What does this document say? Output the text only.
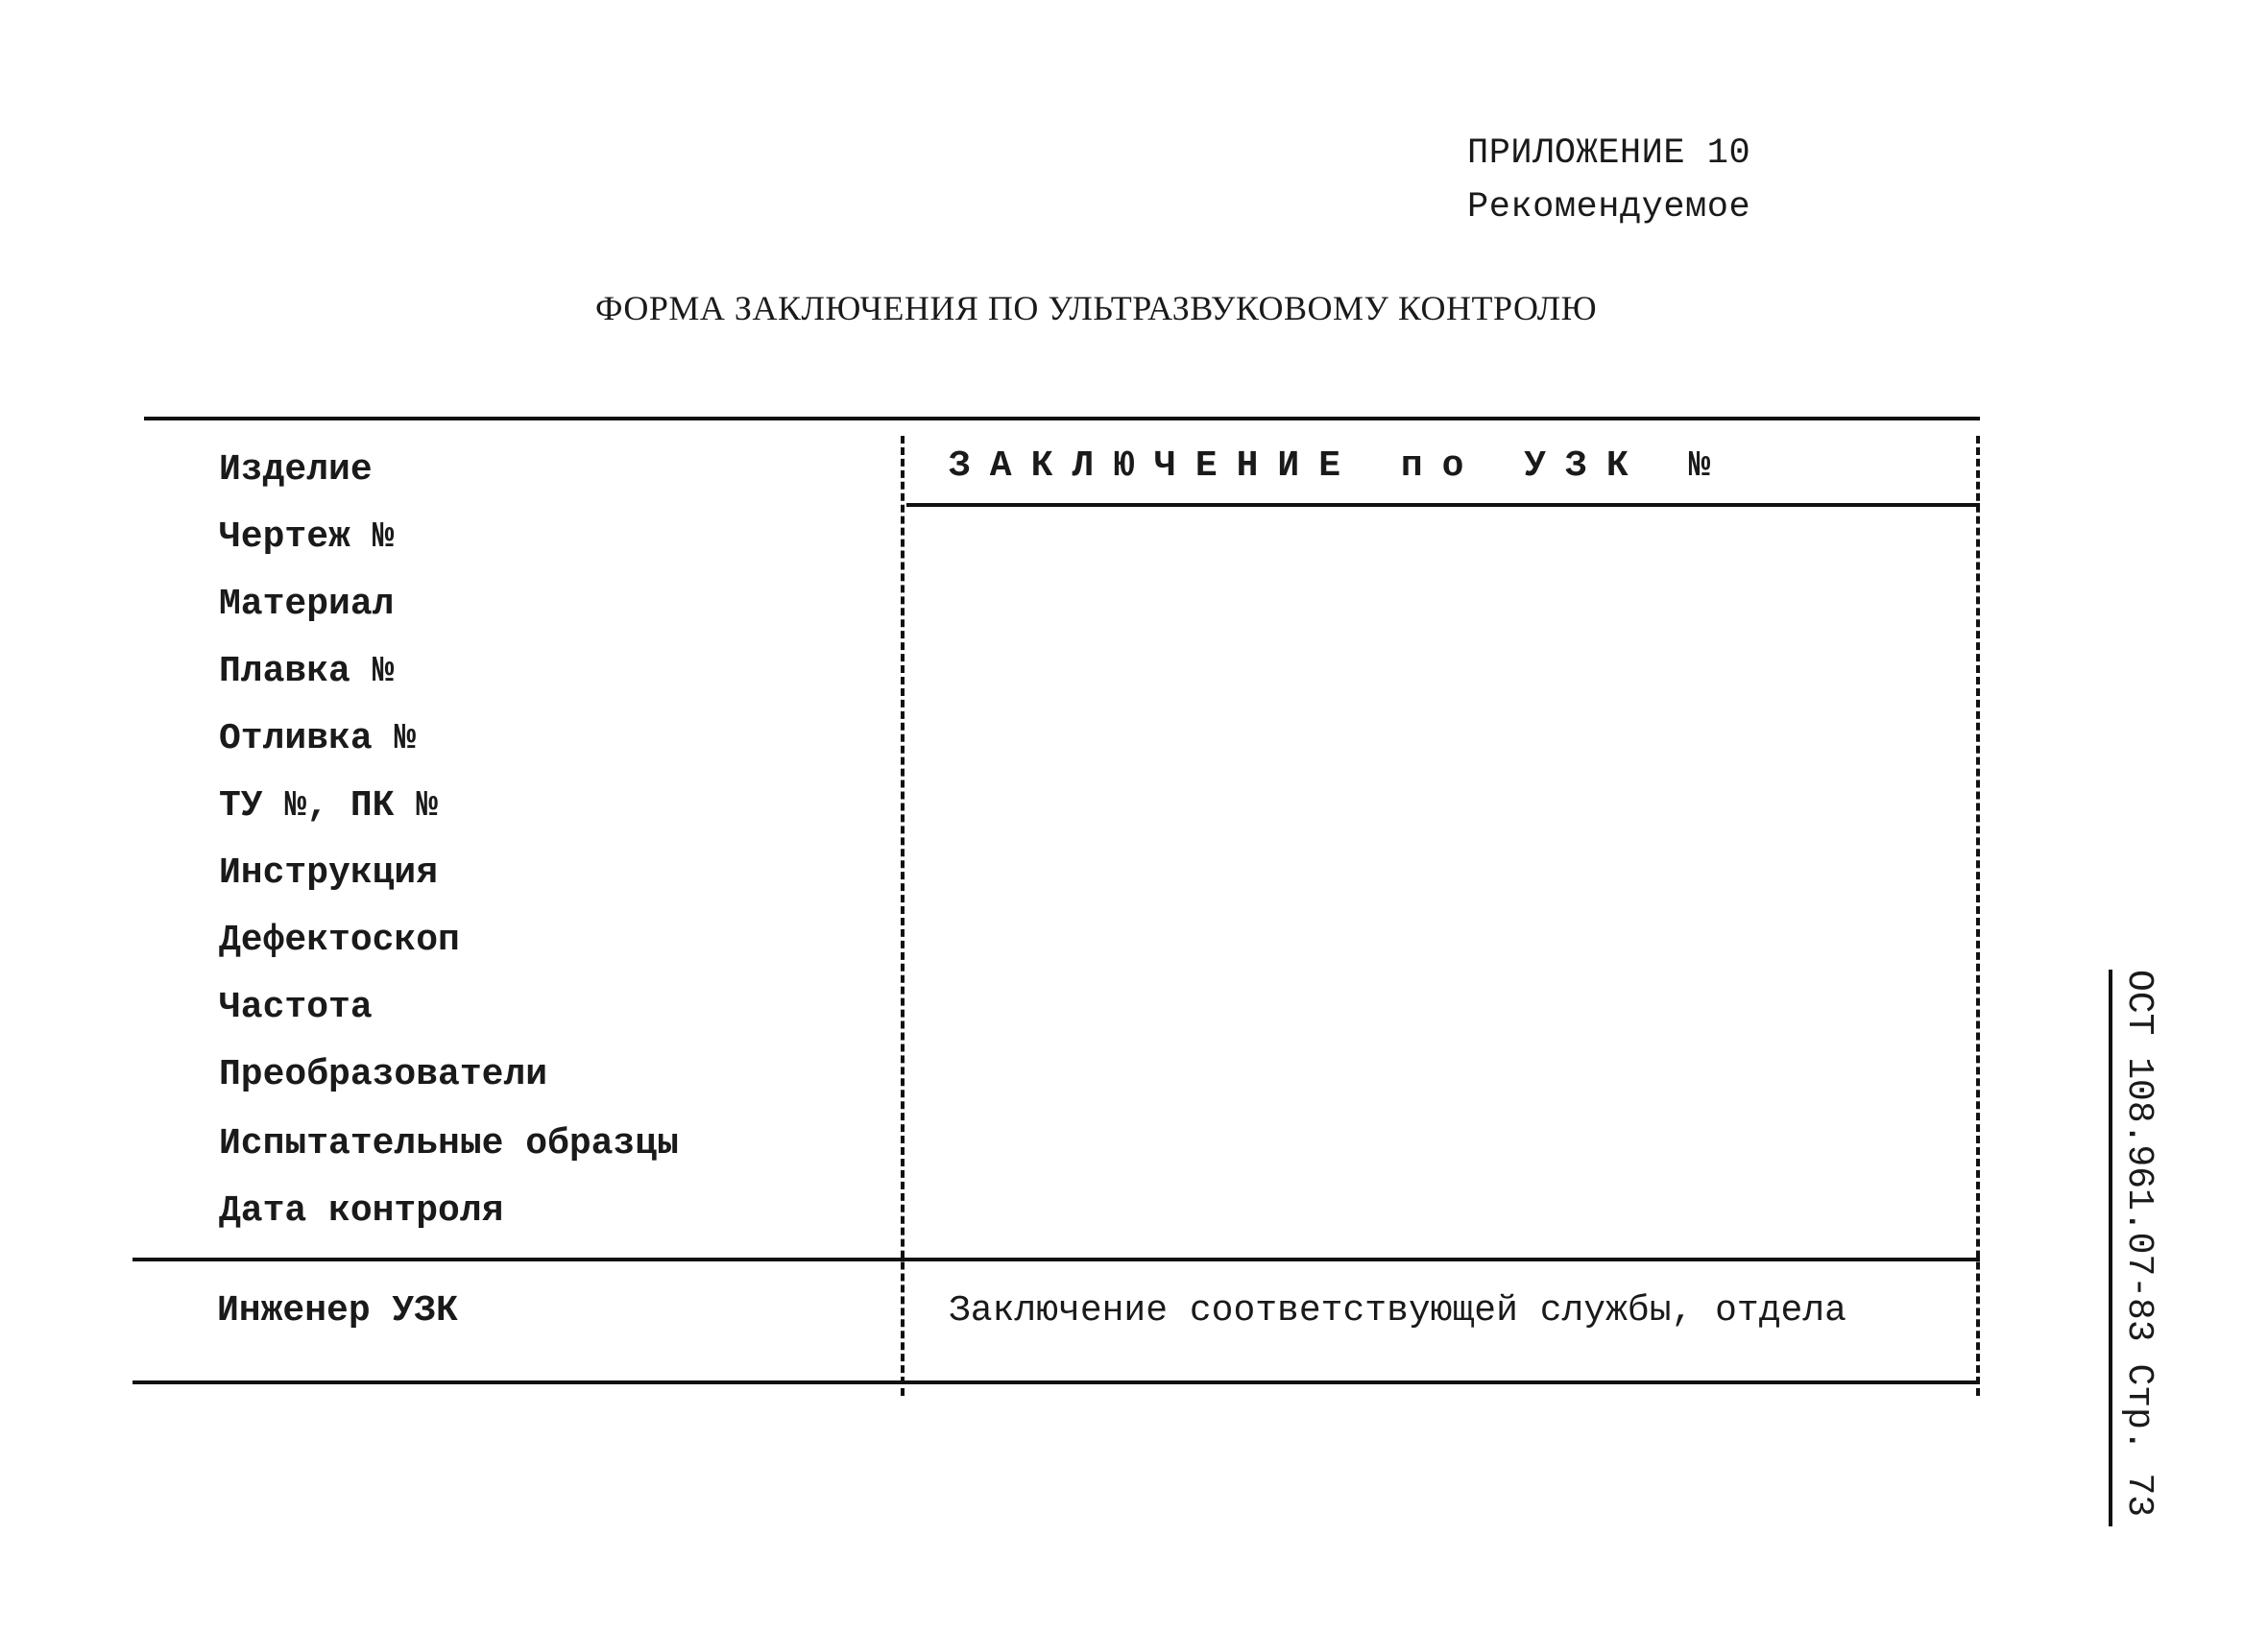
ПРИЛОЖЕНИЕ 10
Рекомендуемое
ФОРМА ЗАКЛЮЧЕНИЯ ПО УЛЬТРАЗВУКОВОМУ КОНТРОЛЮ
Изделие
Чертеж №
Материал
Плавка №
Отливка №
ТУ №, ПК №
Инструкция
Дефектоскоп
Частота
Преобразователи
Испытательные образцы
Дата контроля
ЗАКЛЮЧЕНИЕ по УЗК №
Инженер УЗК	Заключение соответствующей службы, отдела	ОСТ 108.961.07-83 Стр. 73
